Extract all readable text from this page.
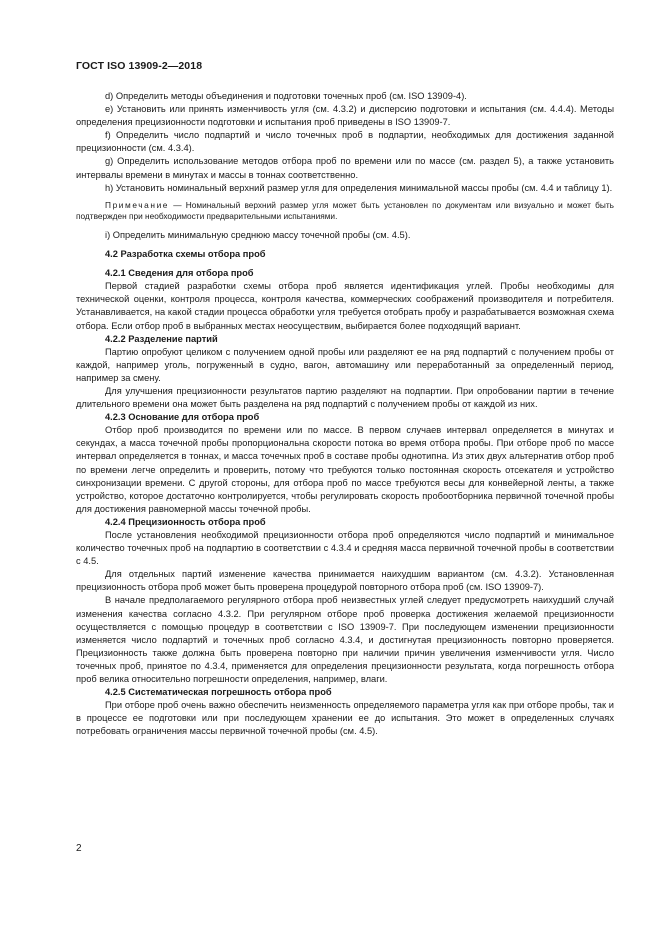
ГОСТ ISO 13909-2—2018

d) Определить методы объединения и подготовки точечных проб (см. ISO 13909-4).

e) Установить или принять изменчивость угля (см. 4.3.2) и дисперсию подготовки и испытания (см. 4.4.4). Методы определения прецизионности подготовки и испытания проб приведены в ISO 13909-7.

f) Определить число подпартий и число точечных проб в подпартии, необходимых для достижения заданной прецизионности (см. 4.3.4).

g) Определить использование методов отбора проб по времени или по массе (см. раздел 5), а также установить интервалы времени в минутах и массы в тоннах соответственно.

h) Установить номинальный верхний размер угля для определения минимальной массы пробы (см. 4.4 и таблицу 1).

Примечание — Номинальный верхний размер угля может быть установлен по документам или визуально и может быть подтвержден при необходимости предварительными испытаниями.

i) Определить минимальную среднюю массу точечной пробы (см. 4.5).

4.2 Разработка схемы отбора проб
4.2.1 Сведения для отбора проб

Первой стадией разработки схемы отбора проб является идентификация углей. Пробы необходимы для технической оценки, контроля процесса, контроля качества, коммерческих соображений производителя и потребителя. Устанавливается, на какой стадии процесса обработки угля требуется отобрать пробу и разрабатывается возможная схема отбора. Если отбор проб в выбранных местах неосуществим, выбирается более подходящий вариант.

4.2.2 Разделение партий

Партию опробуют целиком с получением одной пробы или разделяют ее на ряд подпартий с получением пробы от каждой, например уголь, погруженный в судно, вагон, автомашину или переработанный за определенный период, например за смену.

Для улучшения прецизионности результатов партию разделяют на подпартии. При опробовании партии в течение длительного времени она может быть разделена на ряд подпартий с получением пробы от каждой из них.

4.2.3 Основание для отбора проб

Отбор проб производится по времени или по массе. В первом случаев интервал определяется в минутах и секундах, а масса точечной пробы пропорциональна скорости потока во время отбора пробы. При отборе проб по массе интервал определяется в тоннах, и масса точечных проб в составе пробы однотипна. Из этих двух альтернатив отбор проб по времени легче определить и проверить, потому что требуются только постоянная скорость отсекателя и устройство синхронизации времени. С другой стороны, для отбора проб по массе требуются весы для конвейерной ленты, а также устройство, которое достаточно контролируется, чтобы регулировать скорость пробоотборника первичной точечной пробы для достижения равномерной массы точечной пробы.

4.2.4 Прецизионность отбора проб

После установления необходимой прецизионности отбора проб определяются число подпартий и минимальное количество точечных проб на подпартию в соответствии с 4.3.4 и средняя масса первичной точечной пробы в соответствии с 4.5.

Для отдельных партий изменение качества принимается наихудшим вариантом (см. 4.3.2). Установленная прецизионность отбора проб может быть проверена процедурой повторного отбора проб (см. ISO 13909-7).

В начале предполагаемого регулярного отбора проб неизвестных углей следует предусмотреть наихудший случай изменения качества согласно 4.3.2. При регулярном отборе проб проверка достижения желаемой прецизионности осуществляется с помощью процедур в соответствии с ISO 13909-7. При последующем изменении прецизионности изменяется число подпартий и точечных проб согласно 4.3.4, и достигнутая прецизионность повторно проверяется. Прецизионность также должна быть проверена повторно при наличии причин увеличения изменчивости угля. Число точечных проб, принятое по 4.3.4, применяется для определения прецизионности результата, когда погрешность отбора проб велика относительно погрешности определения, например, влаги.

4.2.5 Систематическая погрешность отбора проб

При отборе проб очень важно обеспечить неизменность определяемого параметра угля как при отборе пробы, так и в процессе ее подготовки или при последующем хранении ее до испытания. Это может в определенных случаях потребовать ограничения массы первичной точечной пробы (см. 4.5).

2
